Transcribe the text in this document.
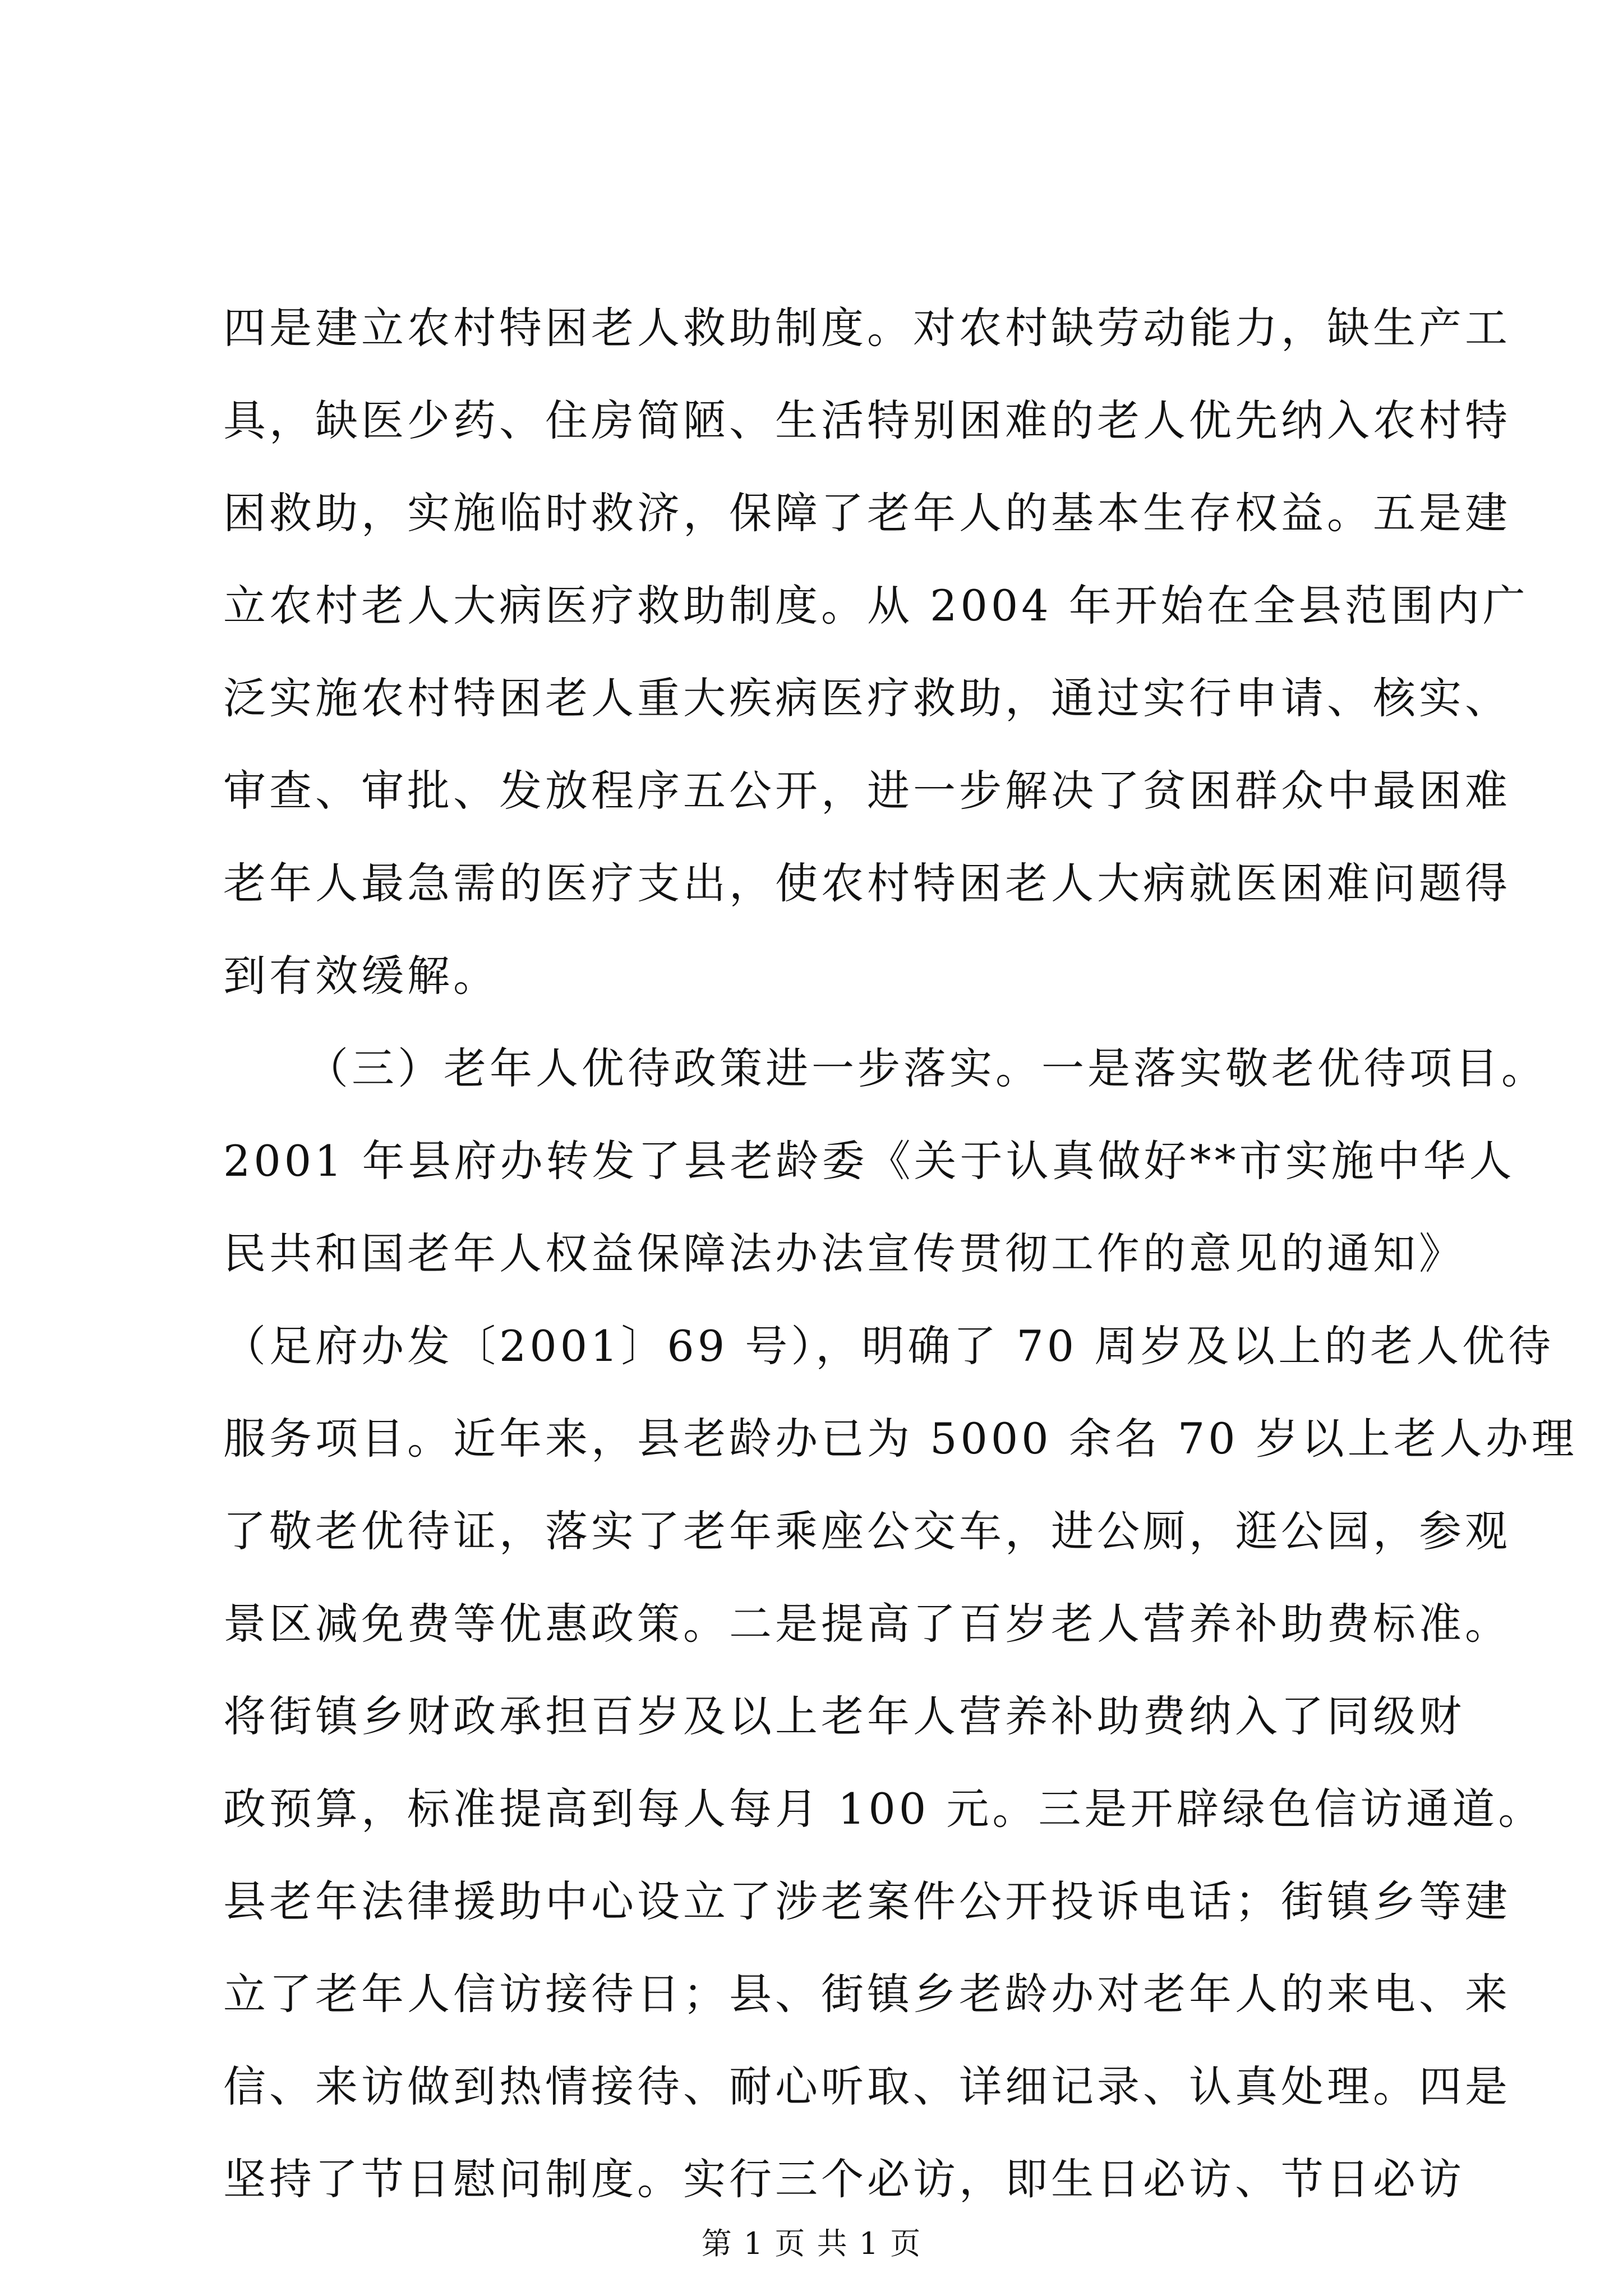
四是建立农村特困老人救助制度。对农村缺劳动能力，缺生产工
具，缺医少药、住房简陋、生活特别困难的老人优先纳入农村特
困救助，实施临时救济，保障了老年人的基本生存权益。五是建
立农村老人大病医疗救助制度。从 2004 年开始在全县范围内广
泛实施农村特困老人重大疾病医疗救助，通过实行申请、核实、
审查、审批、发放程序五公开，进一步解决了贫困群众中最困难
老年人最急需的医疗支出，使农村特困老人大病就医困难问题得
到有效缓解。
（三）老年人优待政策进一步落实。一是落实敬老优待项目。
2001 年县府办转发了县老龄委《关于认真做好**市实施中华人
民共和国老年人权益保障法办法宣传贯彻工作的意见的通知》
（足府办发〔2001〕69 号），明确了 70 周岁及以上的老人优待
服务项目。近年来，县老龄办已为 5000 余名 70 岁以上老人办理
了敬老优待证，落实了老年乘座公交车，进公厕，逛公园，参观
景区减免费等优惠政策。二是提高了百岁老人营养补助费标准。
将街镇乡财政承担百岁及以上老年人营养补助费纳入了同级财
政预算，标准提高到每人每月 100 元。三是开辟绿色信访通道。
县老年法律援助中心设立了涉老案件公开投诉电话；街镇乡等建
立了老年人信访接待日；县、街镇乡老龄办对老年人的来电、来
信、来访做到热情接待、耐心听取、详细记录、认真处理。四是
坚持了节日慰问制度。实行三个必访，即生日必访、节日必访
第 1 页 共 1 页
